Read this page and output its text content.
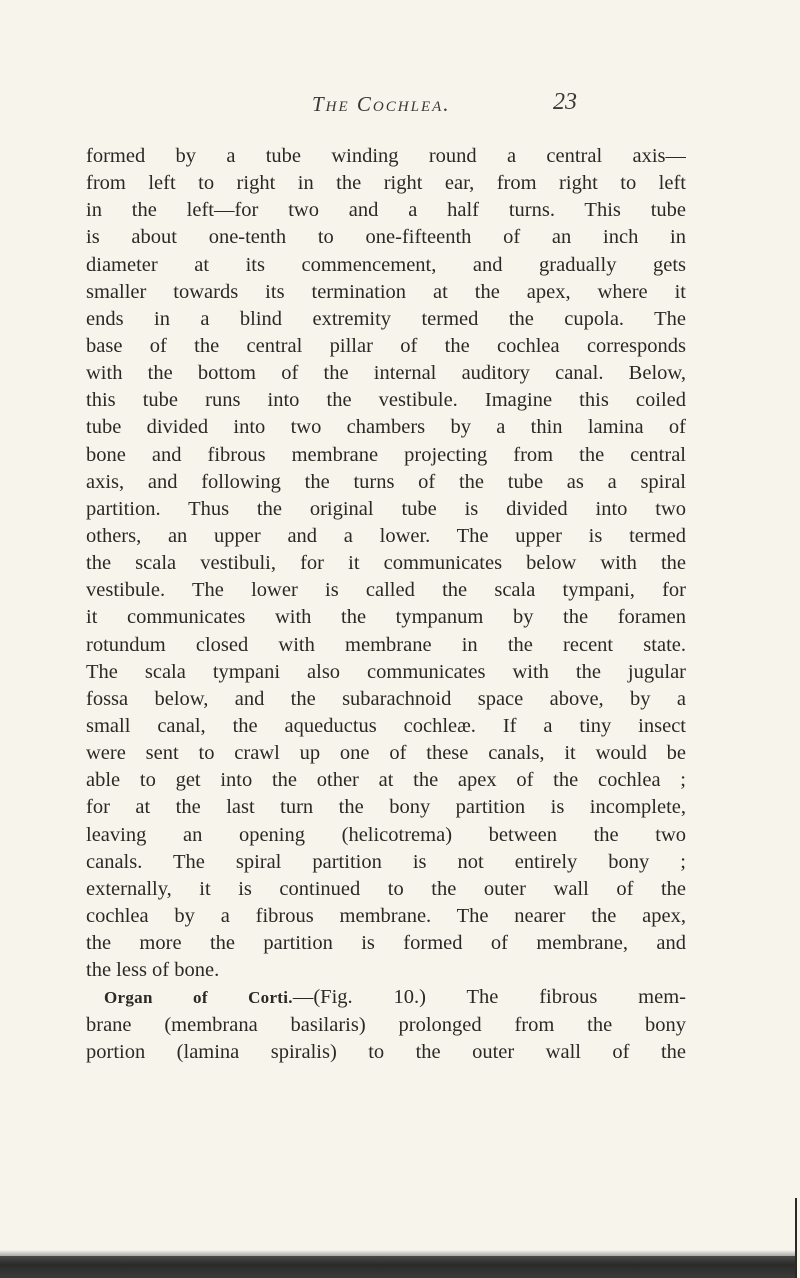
The Cochlea.	23
formed by a tube winding round a central axis—
from left to right in the right ear, from right to left
in the left—for two and a half turns. This tube
is about one-tenth to one-fifteenth of an inch in
diameter at its commencement, and gradually gets
smaller towards its termination at the apex, where it
ends in a blind extremity termed the cupola. The
base of the central pillar of the cochlea corresponds
with the bottom of the internal auditory canal. Below,
this tube runs into the vestibule. Imagine this coiled
tube divided into two chambers by a thin lamina of
bone and fibrous membrane projecting from the central
axis, and following the turns of the tube as a spiral
partition. Thus the original tube is divided into two
others, an upper and a lower. The upper is termed
the scala vestibuli, for it communicates below with the
vestibule. The lower is called the scala tympani, for
it communicates with the tympanum by the foramen
rotundum closed with membrane in the recent state.
The scala tympani also communicates with the jugular
fossa below, and the subarachnoid space above, by a
small canal, the aqueductus cochleæ. If a tiny insect
were sent to crawl up one of these canals, it would be
able to get into the other at the apex of the cochlea ;
for at the last turn the bony partition is incomplete,
leaving an opening (helicotrema) between the two
canals. The spiral partition is not entirely bony ;
externally, it is continued to the outer wall of the
cochlea by a fibrous membrane. The nearer the apex,
the more the partition is formed of membrane, and
the less of bone.
Organ of Corti.—(Fig. 10.) The fibrous mem-
brane (membrana basilaris) prolonged from the bony
portion (lamina spiralis) to the outer wall of the
